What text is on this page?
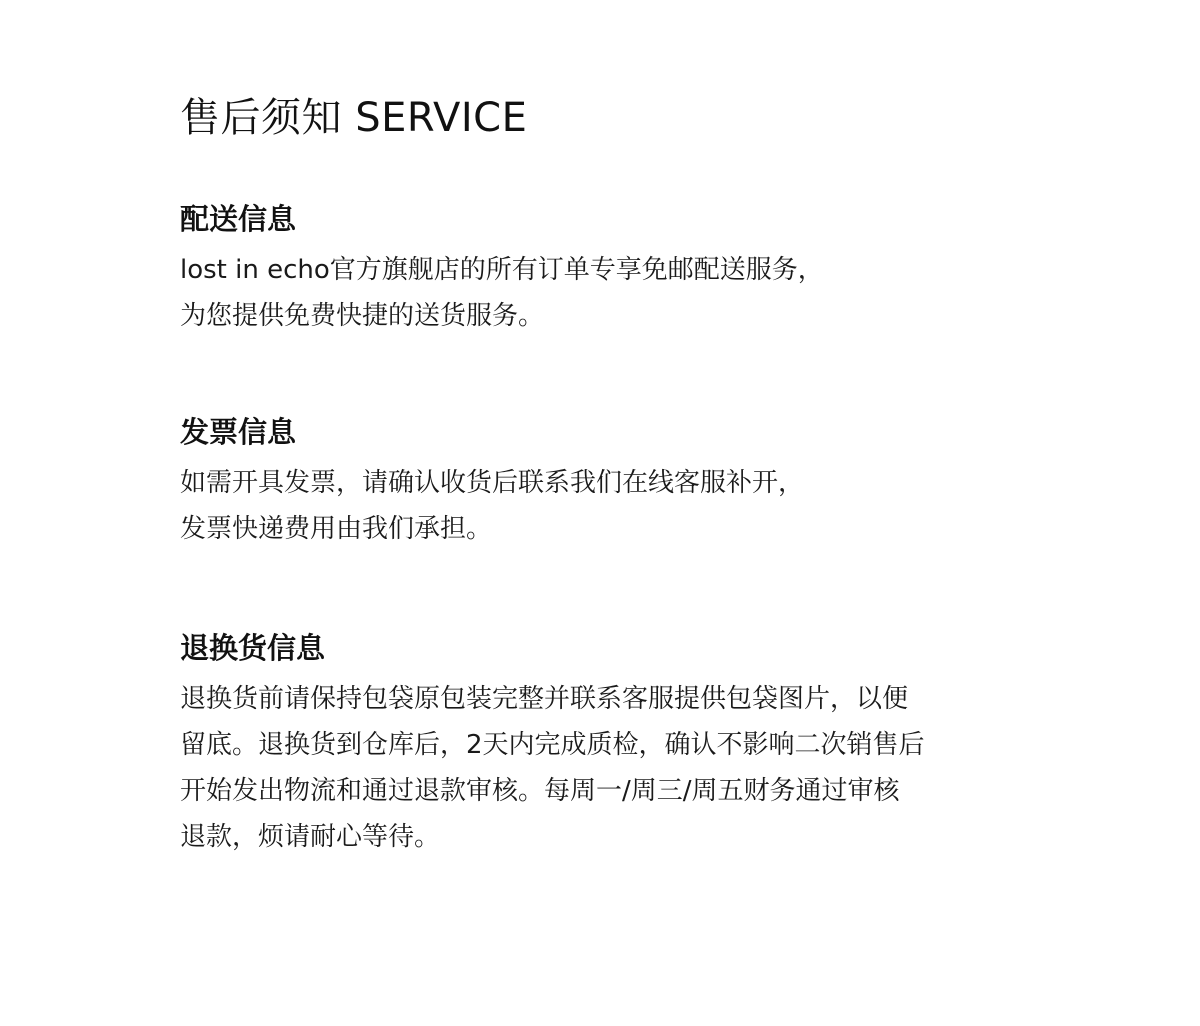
售后须知 SERVICE
配送信息

lost in echo官方旗舰店的所有订单专享免邮配送服务，
为您提供免费快捷的送货服务。

发票信息

如需开具发票，请确认收货后联系我们在线客服补开，
发票快递费用由我们承担。

退换货信息

退换货前请保持包袋原包装完整并联系客服提供包袋图片，以便
留底。退换货到仓库后，2天内完成质检，确认不影响二次销售后
开始发出物流和通过退款审核。每周一/周三/周五财务通过审核
退款，烦请耐心等待。
